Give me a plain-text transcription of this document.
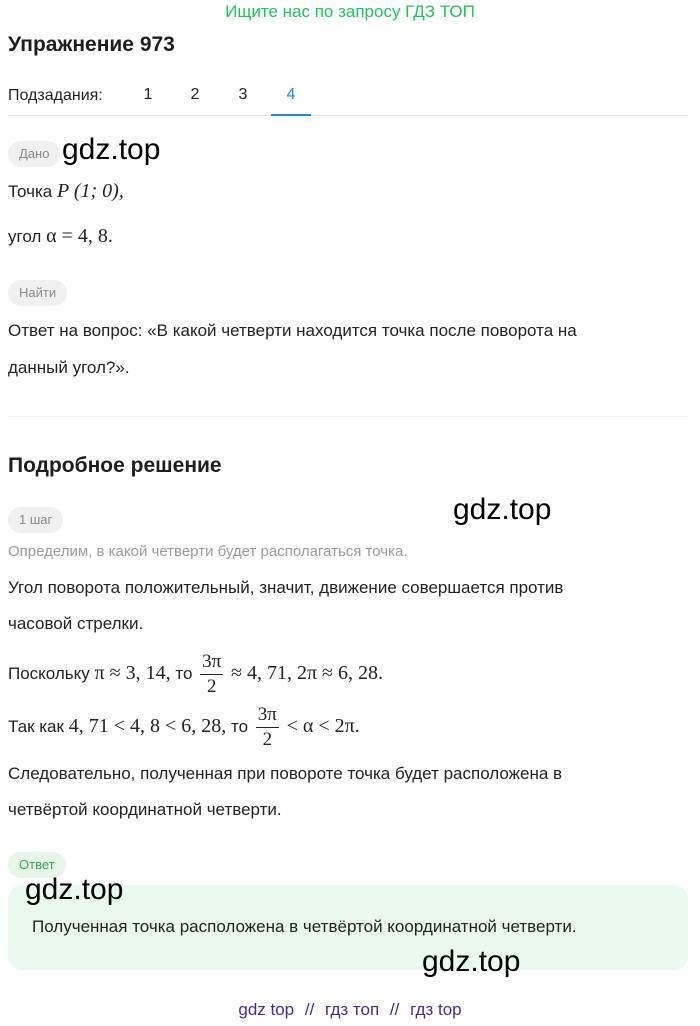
Ищите нас по запросу ГДЗ ТОП
Упражнение 973
Подзадания:	1	2	3	4
Дано gdz.top
Точка P (1; 0),
угол α = 4, 8.
Найти
Ответ на вопрос: «В какой четверти находится точка после поворота на
данный угол?».
Подробное решение
gdz.top
1 шаг
Определим, в какой четверти будет располагаться точка.
Угол поворота положительный, значит, движение совершается против
часовой стрелки.
Поскольку π ≈ 3, 14, то $\frac{3\pi}{2} \approx 4$, 71, 2π ≈ 6, 28.
Так как 4, 71 < 4, 8 < 6, 28, то $\frac{3\pi}{2} < \alpha < 2\pi$.
Следовательно, полученная при повороте точка будет расположена в
четвёртой координатной четверти.
Ответ
gdz.top
Полученная точка расположена в четвёртой координатной четверти.
gdz.top
gdz top // гдз топ // гдз top
